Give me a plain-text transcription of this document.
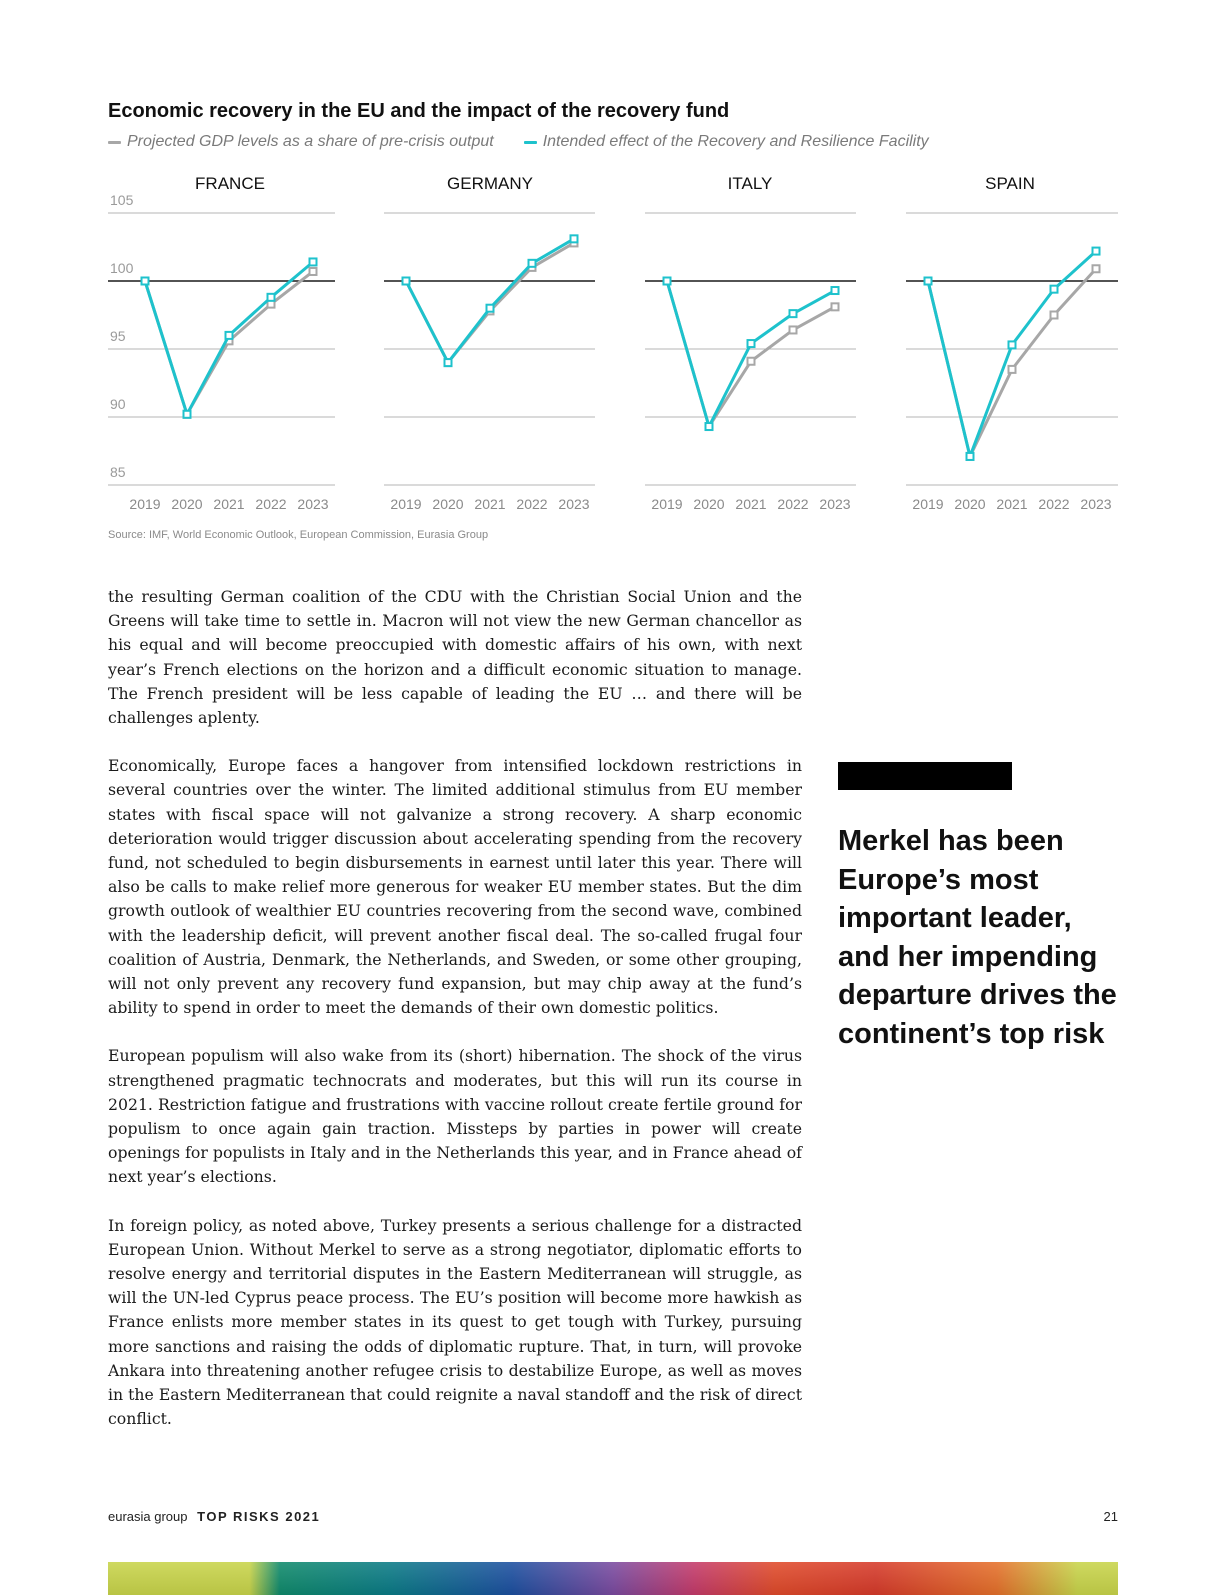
Economic recovery in the EU and the impact of the recovery fund
Projected GDP levels as a share of pre-crisis output	Intended effect of the Recovery and Resilience Facility
FRANCE
105
100
95
90
85
2019 2020 2021 2022 2023
GERMANY
2019 2020 2021 2022 2023
ITALY
2019 2020 2021 2022 2023
SPAIN
2019 2020 2021 2022 2023
Source: IMF, World Economic Outlook, European Commission, Eurasia Group

the resulting German coalition of the CDU with the Christian Social Union and the Greens will take time to settle in. Macron will not view the new German chancellor as his equal and will become preoccupied with domestic affairs of his own, with next year’s French elections on the horizon and a difficult economic situation to manage. The French president will be less capable of leading the EU … and there will be challenges aplenty.

Economically, Europe faces a hangover from intensified lockdown restrictions in several countries over the winter. The limited additional stimulus from EU member states with fiscal space will not galvanize a strong recovery. A sharp economic deterioration would trigger discussion about accelerating spending from the recovery fund, not scheduled to begin disbursements in earnest until later this year. There will also be calls to make relief more generous for weaker EU member states. But the dim growth outlook of wealthier EU countries recovering from the second wave, combined with the leadership deficit, will prevent another fiscal deal. The so-called frugal four coalition of Austria, Denmark, the Netherlands, and Sweden, or some other grouping, will not only prevent any recovery fund expansion, but may chip away at the fund’s ability to spend in order to meet the demands of their own domestic politics.

European populism will also wake from its (short) hibernation. The shock of the virus strengthened pragmatic technocrats and moderates, but this will run its course in 2021. Restriction fatigue and frustrations with vaccine rollout create fertile ground for populism to once again gain traction. Missteps by parties in power will create openings for populists in Italy and in the Netherlands this year, and in France ahead of next year’s elections.

In foreign policy, as noted above, Turkey presents a serious challenge for a distracted European Union. Without Merkel to serve as a strong negotiator, diplomatic efforts to resolve energy and territorial disputes in the Eastern Mediterranean will struggle, as will the UN-led Cyprus peace process. The EU’s position will become more hawkish as France enlists more member states in its quest to get tough with Turkey, pursuing more sanctions and raising the odds of diplomatic rupture. That, in turn, will provoke Ankara into threatening another refugee crisis to destabilize Europe, as well as moves in the Eastern Mediterranean that could reignite a naval standoff and the risk of direct conflict.

Merkel has been Europe’s most important leader, and her impending departure drives the continent’s top risk

eurasia group TOP RISKS 2021	21
